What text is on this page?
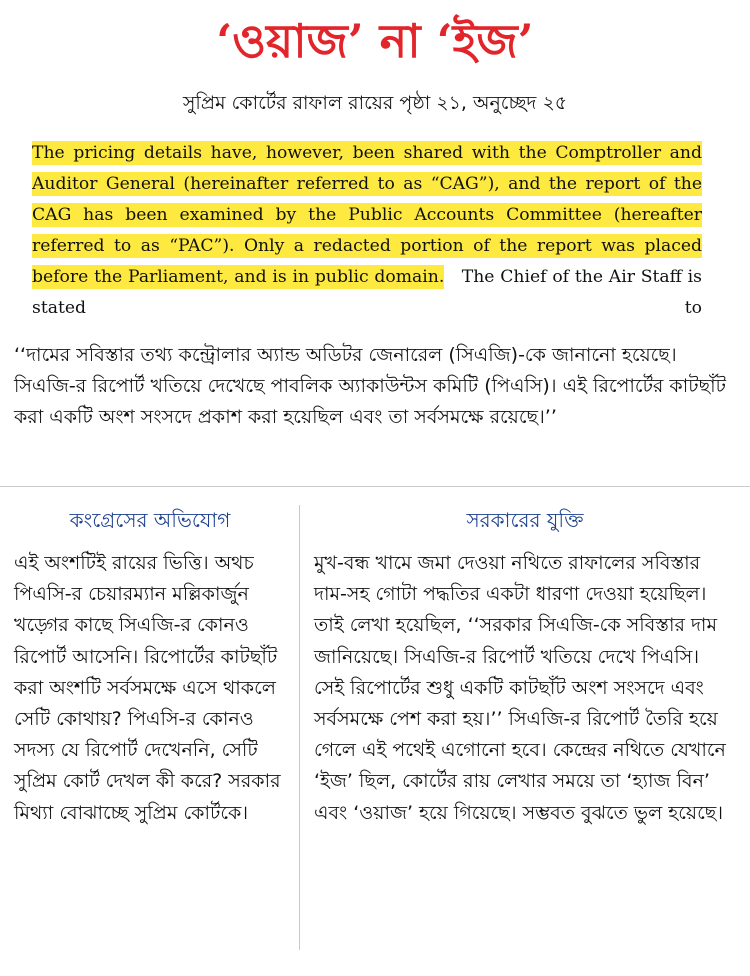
‘ওয়াজ’ না ‘ইজ’
সুপ্রিম কোর্টের রাফাল রায়ের পৃষ্ঠা ২১, অনুচ্ছেদ ২৫
The pricing details have, however, been shared with the Comptroller and Auditor General (hereinafter referred to as “CAG”), and the report of the CAG has been examined by the Public Accounts Committee (hereafter referred to as “PAC”). Only a redacted portion of the report was placed before the Parliament, and is in public domain. The Chief of the Air Staff is stated to
‘‘দামের সবিস্তার তথ্য কন্ট্রোলার অ্যান্ড অডিটর জেনারেল (সিএজি)-কে জানানো হয়েছে। সিএজি-র রিপোর্ট খতিয়ে দেখেছে পাবলিক অ্যাকাউন্টস কমিটি (পিএসি)। এই রিপোর্টের কাটছাঁট করা একটি অংশ সংসদে প্রকাশ করা হয়েছিল এবং তা সর্বসমক্ষে রয়েছে।’’
কংগ্রেসের অভিযোগ	সরকারের যুক্তি
এই অংশটিই রায়ের ভিত্তি। অথচ পিএসি-র চেয়ারম্যান মল্লিকার্জুন খড়্গের কাছে সিএজি-র কোনও রিপোর্ট আসেনি। রিপোর্টের কাটছাঁট করা অংশটি সর্বসমক্ষে এসে থাকলে সেটি কোথায়? পিএসি-র কোনও সদস্য যে রিপোর্ট দেখেননি, সেটি সুপ্রিম কোর্ট দেখল কী করে? সরকার মিথ্যা বোঝাচ্ছে সুপ্রিম কোর্টকে।
মুখ-বন্ধ খামে জমা দেওয়া নথিতে রাফালের সবিস্তার দাম-সহ গোটা পদ্ধতির একটা ধারণা দেওয়া হয়েছিল। তাই লেখা হয়েছিল, ‘‘সরকার সিএজি-কে সবিস্তার দাম জানিয়েছে। সিএজি-র রিপোর্ট খতিয়ে দেখে পিএসি। সেই রিপোর্টের শুধু একটি কাটছাঁট অংশ সংসদে এবং সর্বসমক্ষে পেশ করা হয়।’’ সিএজি-র রিপোর্ট তৈরি হয়ে গেলে এই পথেই এগোনো হবে। কেন্দ্রের নথিতে যেখানে ‘ইজ’ ছিল, কোর্টের রায় লেখার সময়ে তা ‘হ্যাজ বিন’ এবং ‘ওয়াজ’ হয়ে গিয়েছে। সম্ভবত বুঝতে ভুল হয়েছে।
